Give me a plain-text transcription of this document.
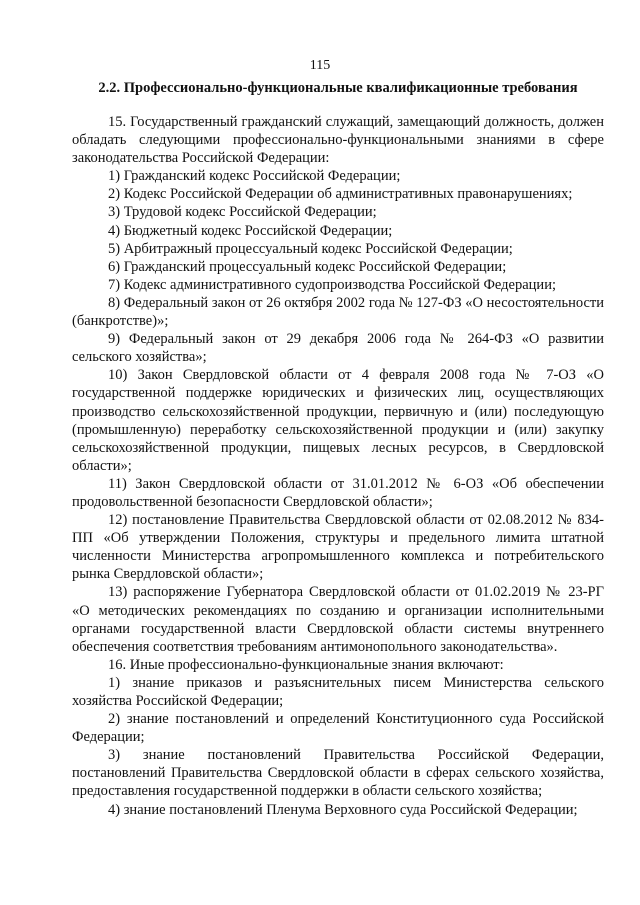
115
2.2. Профессионально-функциональные квалификационные требования

15. Государственный гражданский служащий, замещающий должность, должен обладать следующими профессионально-функциональными знаниями в сфере законодательства Российской Федерации:

1) Гражданский кодекс Российской Федерации;

2) Кодекс Российской Федерации об административных правонарушениях;

3) Трудовой кодекс Российской Федерации;

4) Бюджетный кодекс Российской Федерации;

5) Арбитражный процессуальный кодекс Российской Федерации;

6) Гражданский процессуальный кодекс Российской Федерации;

7) Кодекс административного судопроизводства Российской Федерации;

8) Федеральный закон от 26 октября 2002 года № 127-ФЗ «О несостоятельности (банкротстве)»;

9) Федеральный закон от 29 декабря 2006 года № 264-ФЗ «О развитии сельского хозяйства»;

10) Закон Свердловской области от 4 февраля 2008 года № 7-ОЗ «О государственной поддержке юридических и физических лиц, осуществляющих производство сельскохозяйственной продукции, первичную и (или) последующую (промышленную) переработку сельскохозяйственной продукции и (или) закупку сельскохозяйственной продукции, пищевых лесных ресурсов, в Свердловской области»;

11) Закон Свердловской области от 31.01.2012 № 6-ОЗ «Об обеспечении продовольственной безопасности Свердловской области»;

12) постановление Правительства Свердловской области от 02.08.2012 № 834-ПП «Об утверждении Положения, структуры и предельного лимита штатной численности Министерства агропромышленного комплекса и потребительского рынка Свердловской области»;

13) распоряжение Губернатора Свердловской области от 01.02.2019 № 23-РГ «О методических рекомендациях по созданию и организации исполнительными органами государственной власти Свердловской области системы внутреннего обеспечения соответствия требованиям антимонопольного законодательства».

16. Иные профессионально-функциональные знания включают:

1) знание приказов и разъяснительных писем Министерства сельского хозяйства Российской Федерации;

2) знание постановлений и определений Конституционного суда Российской Федерации;

3) знание постановлений Правительства Российской Федерации, постановлений Правительства Свердловской области в сферах сельского хозяйства, предоставления государственной поддержки в области сельского хозяйства;

4) знание постановлений Пленума Верховного суда Российской Федерации;
